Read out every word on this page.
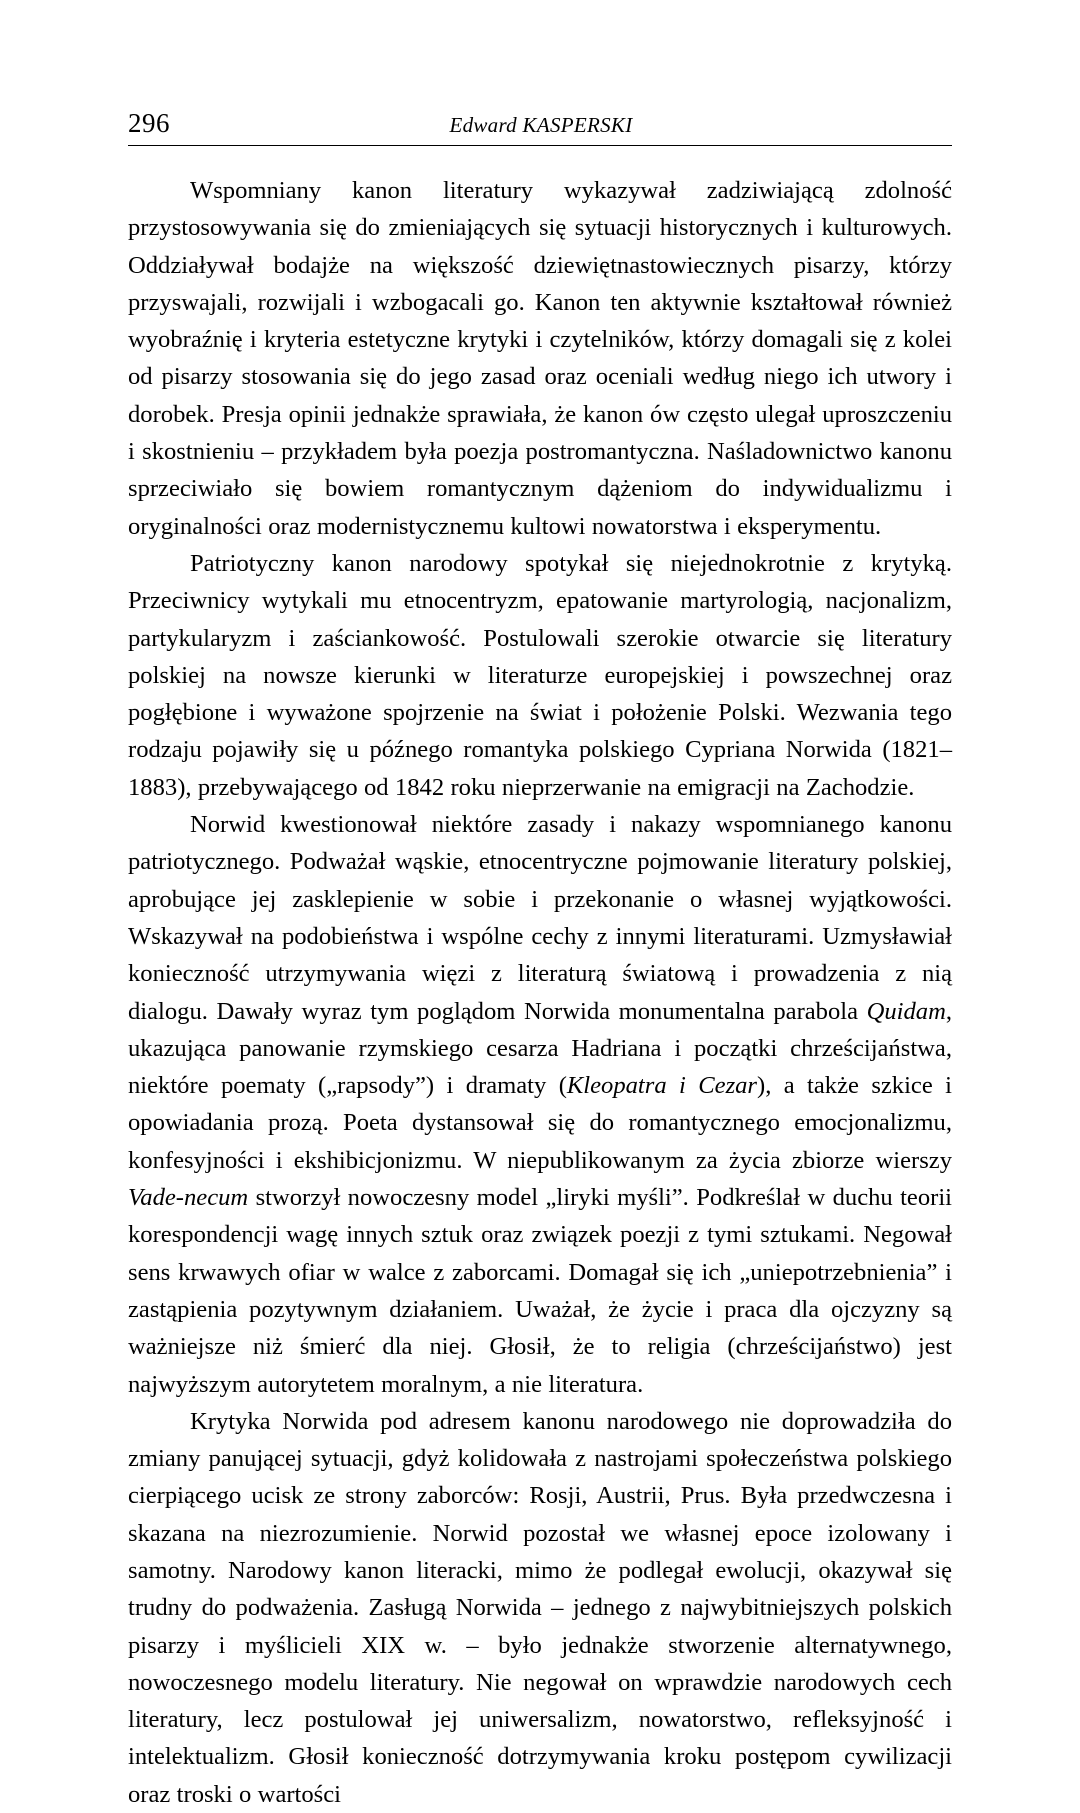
296	Edward KASPERSKI

Wspomniany kanon literatury wykazywał zadziwiającą zdolność przystosowywania się do zmieniających się sytuacji historycznych i kulturowych. Oddziaływał bodajże na większość dziewiętnastowiecznych pisarzy, którzy przyswajali, rozwijali i wzbogacali go. Kanon ten aktywnie kształtował również wyobraźnię i kryteria estetyczne krytyki i czytelników, którzy domagali się z kolei od pisarzy stosowania się do jego zasad oraz oceniali według niego ich utwory i dorobek. Presja opinii jednakże sprawiała, że kanon ów często ulegał uproszczeniu i skostnieniu – przykładem była poezja postromantyczna. Naśladownictwo kanonu sprzeciwiało się bowiem romantycznym dążeniom do indywidualizmu i oryginalności oraz modernistycznemu kultowi nowatorstwa i eksperymentu.

Patriotyczny kanon narodowy spotykał się niejednokrotnie z krytyką. Przeciwnicy wytykali mu etnocentryzm, epatowanie martyrologią, nacjonalizm, partykularyzm i zaściankowość. Postulowali szerokie otwarcie się literatury polskiej na nowsze kierunki w literaturze europejskiej i powszechnej oraz pogłębione i wyważone spojrzenie na świat i położenie Polski. Wezwania tego rodzaju pojawiły się u późnego romantyka polskiego Cypriana Norwida (1821–1883), przebywającego od 1842 roku nieprzerwanie na emigracji na Zachodzie.

Norwid kwestionował niektóre zasady i nakazy wspomnianego kanonu patriotycznego. Podważał wąskie, etnocentryczne pojmowanie literatury polskiej, aprobujące jej zasklepienie w sobie i przekonanie o własnej wyjątkowości. Wskazywał na podobieństwa i wspólne cechy z innymi literaturami. Uzmysławiał konieczność utrzymywania więzi z literaturą światową i prowadzenia z nią dialogu. Dawały wyraz tym poglądom Norwida monumentalna parabola Quidam, ukazująca panowanie rzymskiego cesarza Hadriana i początki chrześcijaństwa, niektóre poematy („rapsody”) i dramaty (Kleopatra i Cezar), a także szkice i opowiadania prozą. Poeta dystansował się do romantycznego emocjonalizmu, konfesyjności i ekshibicjonizmu. W niepublikowanym za życia zbiorze wierszy Vade-necum stworzył nowoczesny model „liryki myśli”. Podkreślał w duchu teorii korespondencji wagę innych sztuk oraz związek poezji z tymi sztukami. Negował sens krwawych ofiar w walce z zaborcami. Domagał się ich „uniepotrzebnienia” i zastąpienia pozytywnym działaniem. Uważał, że życie i praca dla ojczyzny są ważniejsze niż śmierć dla niej. Głosił, że to religia (chrześcijaństwo) jest najwyższym autorytetem moralnym, a nie literatura.

Krytyka Norwida pod adresem kanonu narodowego nie doprowadziła do zmiany panującej sytuacji, gdyż kolidowała z nastrojami społeczeństwa polskiego cierpiącego ucisk ze strony zaborców: Rosji, Austrii, Prus. Była przedwczesna i skazana na niezrozumienie. Norwid pozostał we własnej epoce izolowany i samotny. Narodowy kanon literacki, mimo że podlegał ewolucji, okazywał się trudny do podważenia. Zasługą Norwida – jednego z najwybitniejszych polskich pisarzy i myślicieli XIX w. – było jednakże stworzenie alternatywnego, nowoczesnego modelu literatury. Nie negował on wprawdzie narodowych cech literatury, lecz postulował jej uniwersalizm, nowatorstwo, refleksyjność i intelektualizm. Głosił konieczność dotrzymywania kroku postępom cywilizacji oraz troski o wartości
